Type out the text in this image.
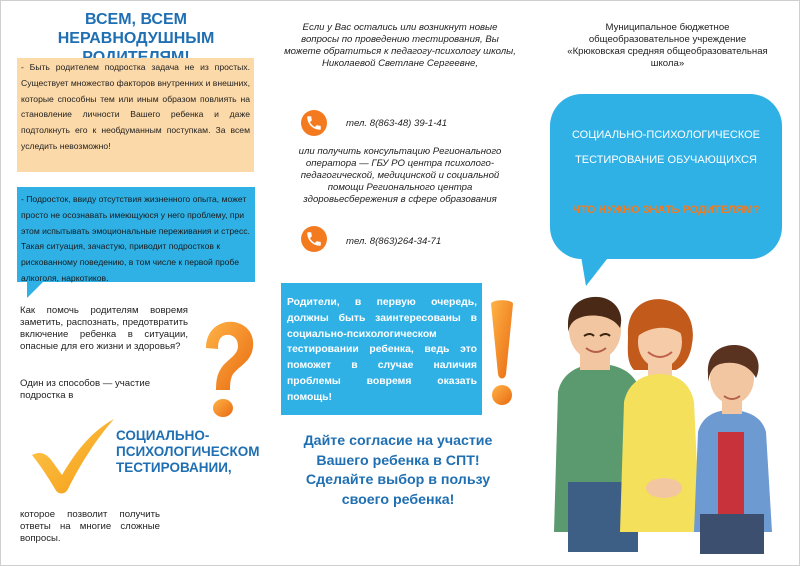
ВСЕМ, ВСЕМ НЕРАВНОДУШНЫМ
- Быть родителем подростка задача не из простых. Существует множество факторов внутренних и внешних, которые способны тем или иным образом повлиять на становление личности Вашего ребенка и даже подтолкнуть его к необдуманным поступкам. За всем уследить невозможно!
- Подросток, ввиду отсутствия жизненного опыта, может просто не осознавать имеющуюся у него проблему, при этом испытывать эмоциональные переживания и стресс. Такая ситуация, зачастую, приводит подростков к рискованному поведению, в том числе к первой пробе алкоголя, наркотиков.
Как помочь родителям вовремя заметить, распознать, предотвратить включение ребенка в ситуации, опасные для его жизни и здоровья?
Один из способов — участие подростка в
СОЦИАЛЬНО-ПСИХОЛОГИЧЕСКОМ ТЕСТИРОВАНИИ,
которое позволит получить ответы на многие сложные вопросы.
Если у Вас остались или возникнут новые вопросы по проведению тестирования, Вы можете обратиться к педагогу-психологу школы, Николаевой Светлане Сергеевне,
тел. 8(863-48) 39-1-41
или получить консультацию Регионального оператора — ГБУ РО центра психолого-педагогической, медицинской и социальной помощи Регионального центра здоровьесбережения в сфере образования
тел. 8(863)264-34-71
Родители, в первую очередь, должны быть заинтересованы в социально-психологическом тестировании ребенка, ведь это поможет в случае наличия проблемы вовремя оказать помощь!
Дайте согласие на участие Вашего ребенка в СПТ! Сделайте выбор в пользу своего ребенка!
Муниципальное бюджетное общеобразовательное учреждение «Крюковская средняя общеобразовательная школа»
СОЦИАЛЬНО-ПСИХОЛОГИЧЕСКОЕ ТЕСТИРОВАНИЕ ОБУЧАЮЩИХСЯ
ЧТО НУЖНО ЗНАТЬ РОДИТЕЛЯМ?
